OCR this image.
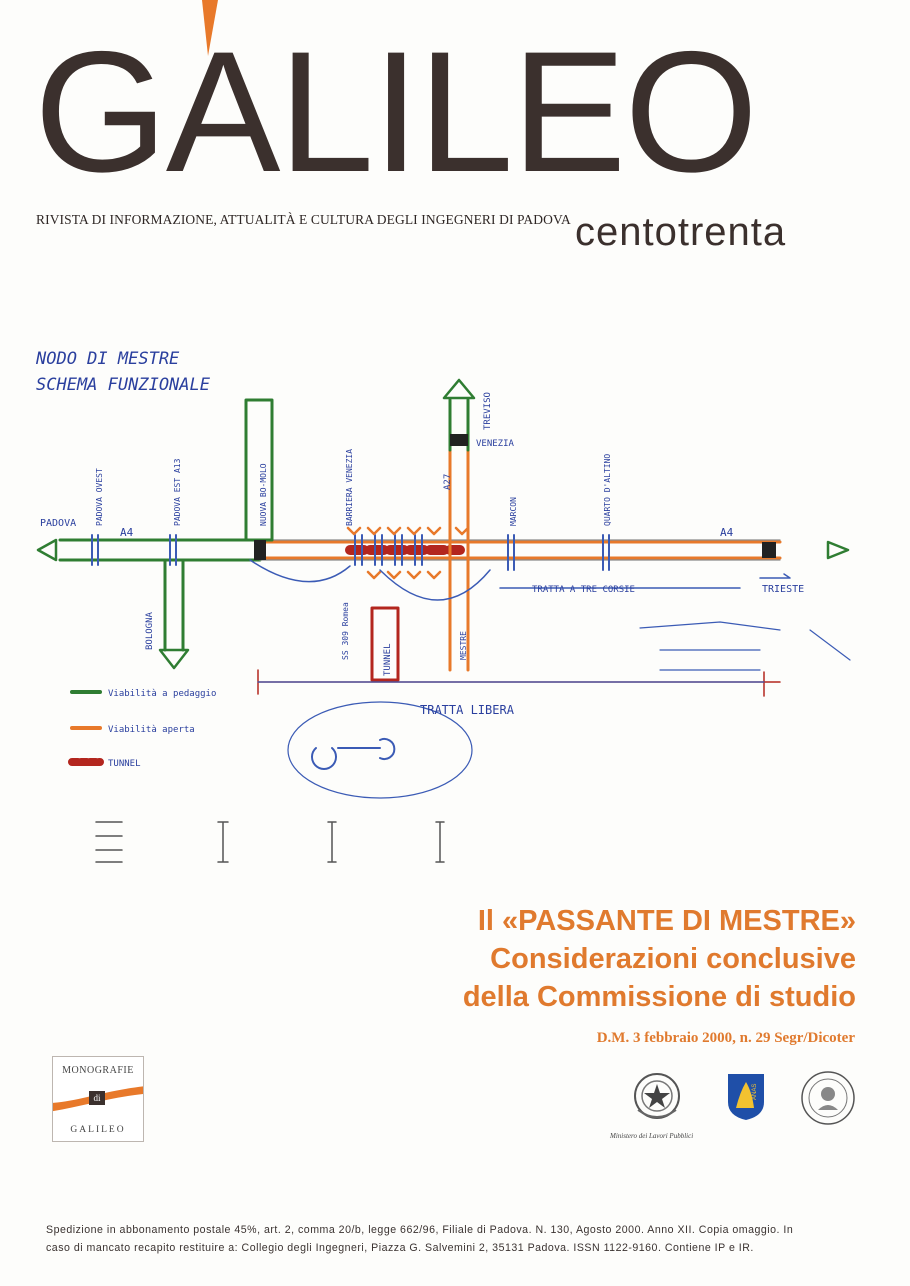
GALILEO
RIVISTA DI INFORMAZIONE, ATTUALITÀ E CULTURA DEGLI INGEGNERI DI PADOVA centotrenta
NODO DI MESTRE
SCHEMA FUNZIONALE
PADOVA
A4	A4
PADOVA OVEST	PADOVA EST A13
BOLOGNA
NUOVA BO-MOLO	BARRIERA VENEZIA
SS 309 Romea
A27
TREVISO
VENEZIA
MESTRE
MARCON	QUARTO D'ALTINO
TUNNEL
TRATTA A TRE CORSIE	TRIESTE
TRATTA LIBERA
Viabilità a pedaggio
Viabilità aperta
TUNNEL
Il «PASSANTE DI MESTRE»
Considerazioni conclusive
della Commissione di studio
D.M. 3 febbraio 2000, n. 29 Segr/Dicoter
MONOGRAFIE
di
GALILEO
Ministero dei Lavori Pubblici
ANAS
Spedizione in abbonamento postale 45%, art. 2, comma 20/b, legge 662/96, Filiale di Padova. N. 130, Agosto 2000. Anno XII. Copia omaggio. In
caso di mancato recapito restituire a: Collegio degli Ingegneri, Piazza G. Salvemini 2, 35131 Padova. ISSN 1122-9160. Contiene IP e IR.
